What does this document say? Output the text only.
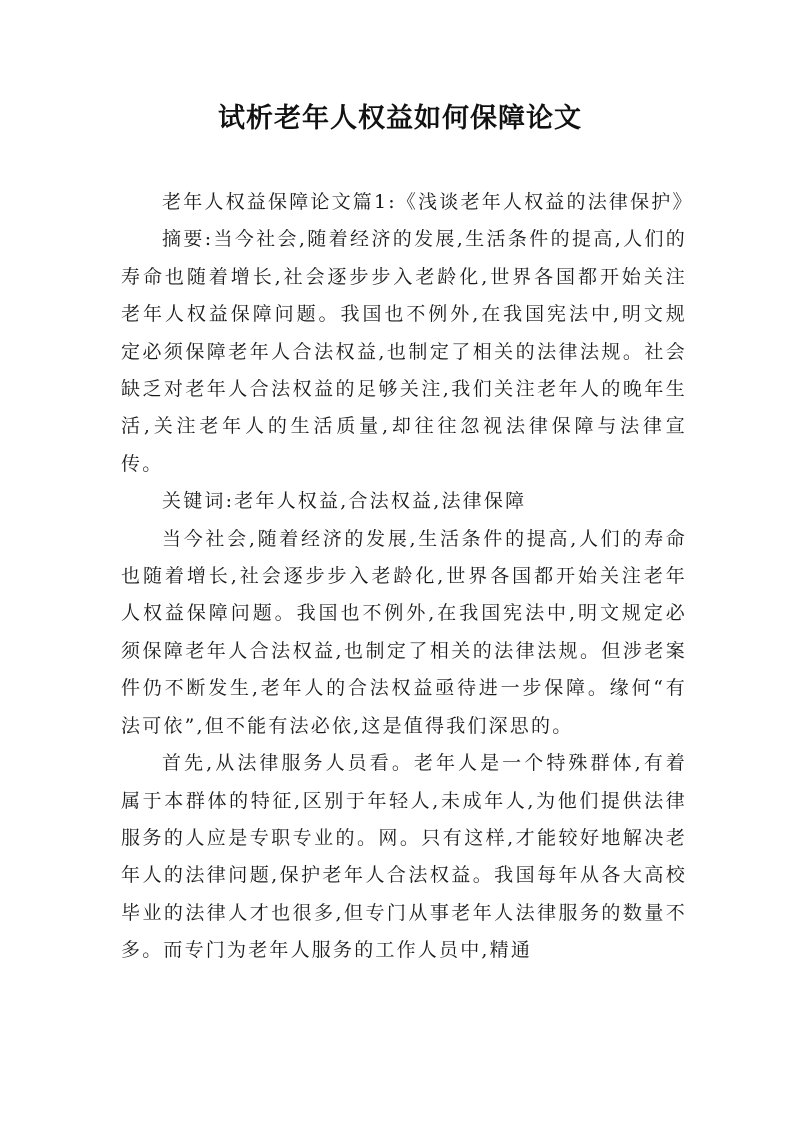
试析老年人权益如何保障论文

老年人权益保障论文篇1:《浅谈老年人权益的法律保护》

摘要:当今社会,随着经济的发展,生活条件的提高,人们的寿命也随着增长,社会逐步步入老龄化,世界各国都开始关注老年人权益保障问题。我国也不例外,在我国宪法中,明文规定必须保障老年人合法权益,也制定了相关的法律法规。社会缺乏对老年人合法权益的足够关注,我们关注老年人的晚年生活,关注老年人的生活质量,却往往忽视法律保障与法律宣传。

关键词:老年人权益,合法权益,法律保障

当今社会,随着经济的发展,生活条件的提高,人们的寿命也随着增长,社会逐步步入老龄化,世界各国都开始关注老年人权益保障问题。我国也不例外,在我国宪法中,明文规定必须保障老年人合法权益,也制定了相关的法律法规。但涉老案件仍不断发生,老年人的合法权益亟待进一步保障。缘何“有法可依”,但不能有法必依,这是值得我们深思的。

首先,从法律服务人员看。老年人是一个特殊群体,有着属于本群体的特征,区别于年轻人,未成年人,为他们提供法律服务的人应是专职专业的。网。只有这样,才能较好地解决老年人的法律问题,保护老年人合法权益。我国每年从各大高校毕业的法律人才也很多,但专门从事老年人法律服务的数量不多。而专门为老年人服务的工作人员中,精通
